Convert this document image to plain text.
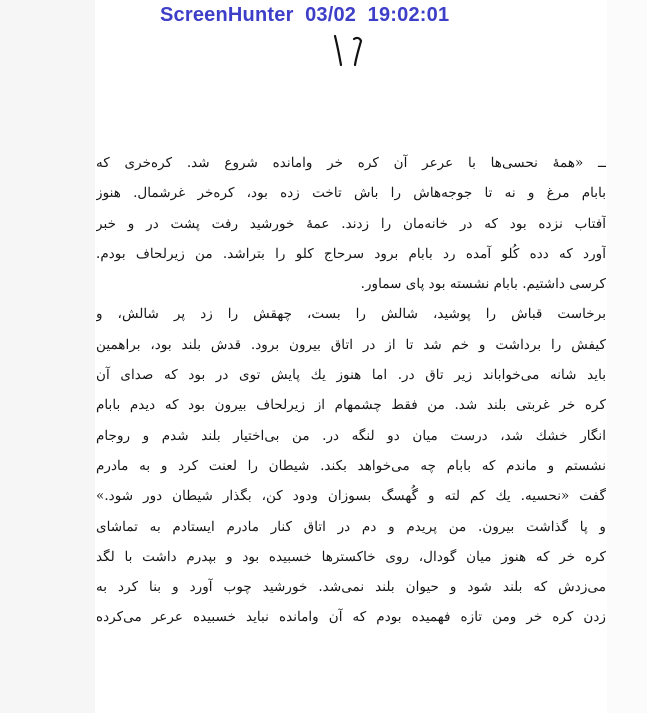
ScreenHunter  03/02  19:02:01
ــ «همهٔ نحسی‌ها با عرعر آن کره خر وامانده شروع شد. کره‌خری که
بابام مرغ و نه تا جوجه‌هاش را باش تاخت زده بود، کره‌خر غرشمال. هنوز
آفتاب نزده بود که در خانه‌مان را زدند. عمهٔ خورشید رفت پشت در و خبر
آورد که دده کُلو آمده رد بابام برود سرحاج کلو را بتراشد. من زیرلحاف بودم.
کرسی داشتیم. بابام نشسته بود پای سماور.
برخاست قباش را پوشید، شالش را بست، چهقش را زد پر شالش، و
کیفش را برداشت و خم شد تا از در اتاق بیرون برود. قدش بلند بود، براهمین
باید شانه می‌خواباند زیر تاق در. اما هنوز یك پایش توی در بود که صدای آن
کره خر غربتی بلند شد. من فقط چشمهام از زیرلحاف بیرون بود که دیدم بابام
انگار خشك شد، درست میان دو لنگه در. من بی‌اختیار بلند شدم و روجام
نشستم و ماندم که بابام چه می‌خواهد بکند. شیطان را لعنت کرد و به مادرم
گفت «نحسیه. یك کم لته و گُهسگ بسوزان ودود کن، بگذار شیطان دور شود.»
و پا گذاشت بیرون. من پریدم و دم در اتاق کنار مادرم ایستادم به تماشای
کره خر که هنوز میان گودال، روی خاکسترها خسبیده بود و بپدرم داشت با لگد
می‌زدش که بلند شود و حیوان بلند نمی‌شد. خورشید چوب آورد و بنا کرد به
زدن کره خر ومن تازه فهمیده بودم که آن وامانده نباید خسبیده عرعر می‌کرده
